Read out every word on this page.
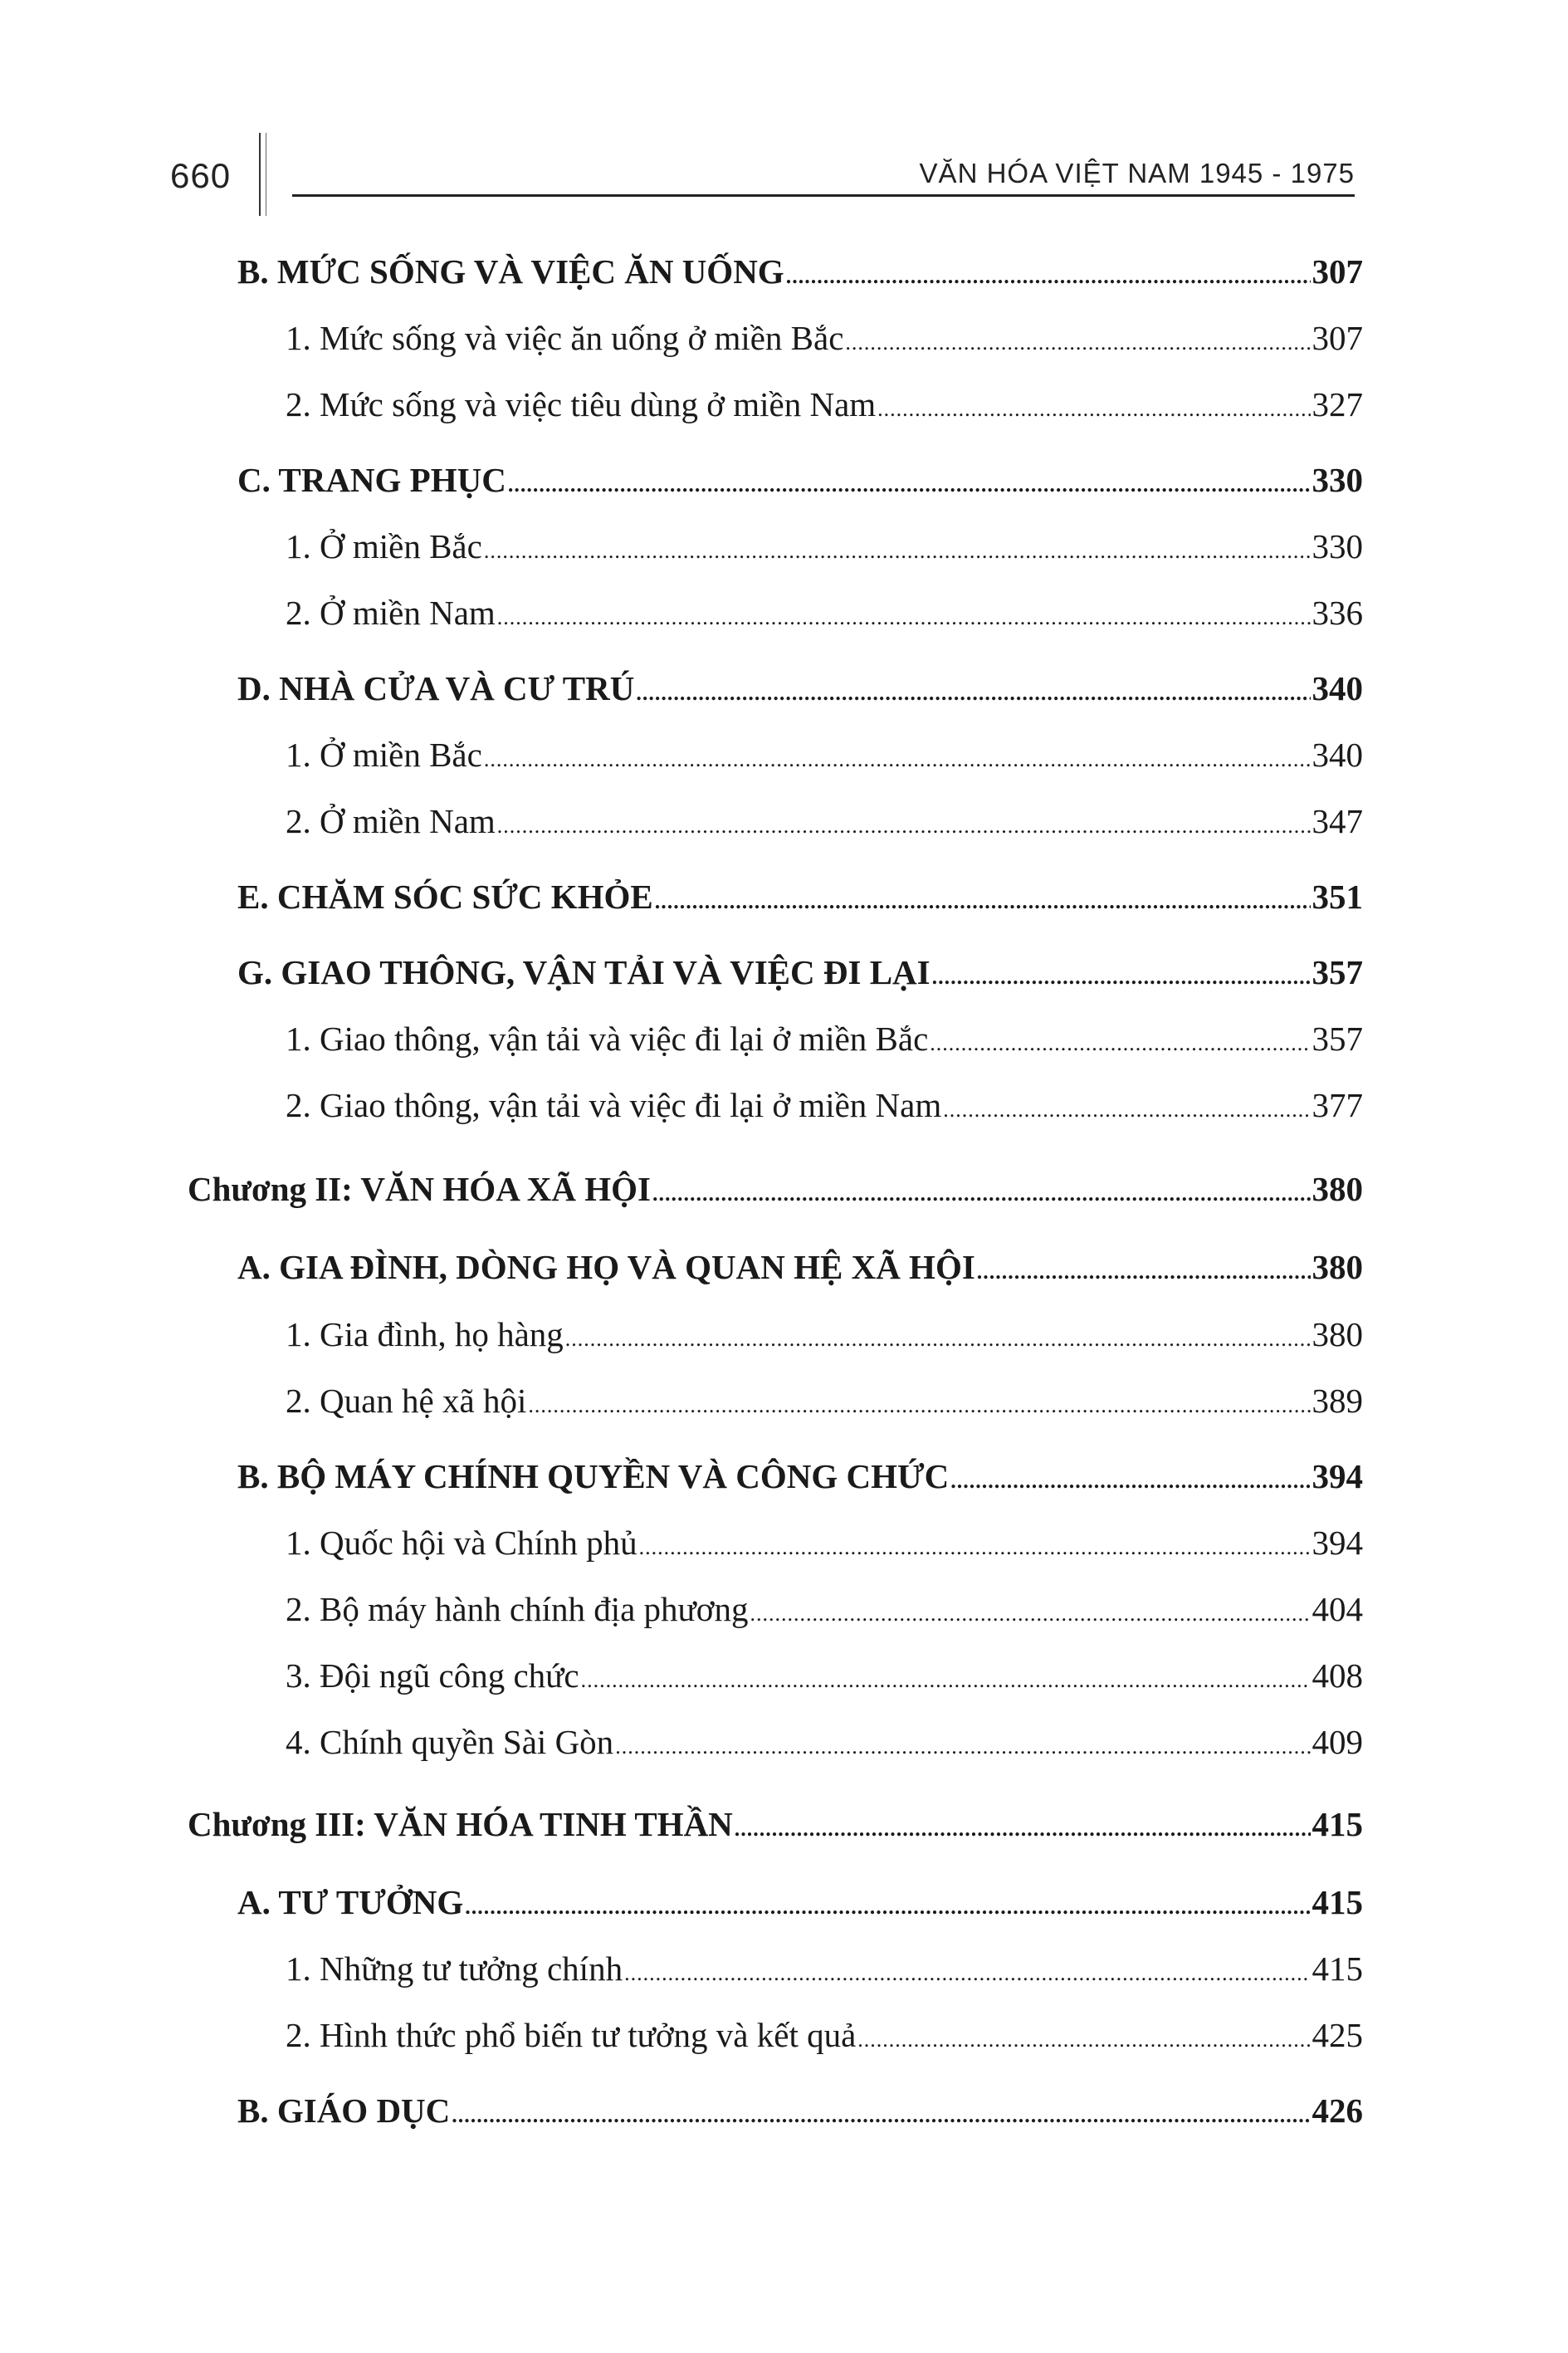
660	VĂN HÓA VIỆT NAM 1945 - 1975
B. MỨC SỐNG VÀ VIỆC ĂN UỐNG .....	307
1. Mức sống và việc ăn uống ở miền Bắc .....	307
2. Mức sống và việc tiêu dùng ở miền Nam .....	327
C. TRANG PHỤC .....	330
1. Ở miền Bắc .....	330
2. Ở miền Nam .....	336
D. NHÀ CỬA VÀ CƯ TRÚ .....	340
1. Ở miền Bắc .....	340
2. Ở miền Nam .....	347
E. CHĂM SÓC SỨC KHỎE .....	351
G. GIAO THÔNG, VẬN TẢI VÀ VIỆC ĐI LẠI .....	357
1. Giao thông, vận tải và việc đi lại ở miền Bắc .....	357
2. Giao thông, vận tải và việc đi lại ở miền Nam .....	377
Chương II: VĂN HÓA XÃ HỘI .....	380
A. GIA ĐÌNH, DÒNG HỌ VÀ QUAN HỆ XÃ HỘI .....	380
1. Gia đình, họ hàng .....	380
2. Quan hệ xã hội .....	389
B. BỘ MÁY CHÍNH QUYỀN VÀ CÔNG CHỨC .....	394
1. Quốc hội và Chính phủ .....	394
2. Bộ máy hành chính địa phương .....	404
3. Đội ngũ công chức .....	408
4. Chính quyền Sài Gòn .....	409
Chương III: VĂN HÓA TINH THẦN .....	415
A. TƯ TƯỞNG .....	415
1. Những tư tưởng chính .....	415
2. Hình thức phổ biến tư tưởng và kết quả .....	425
B. GIÁO DỤC .....	426
